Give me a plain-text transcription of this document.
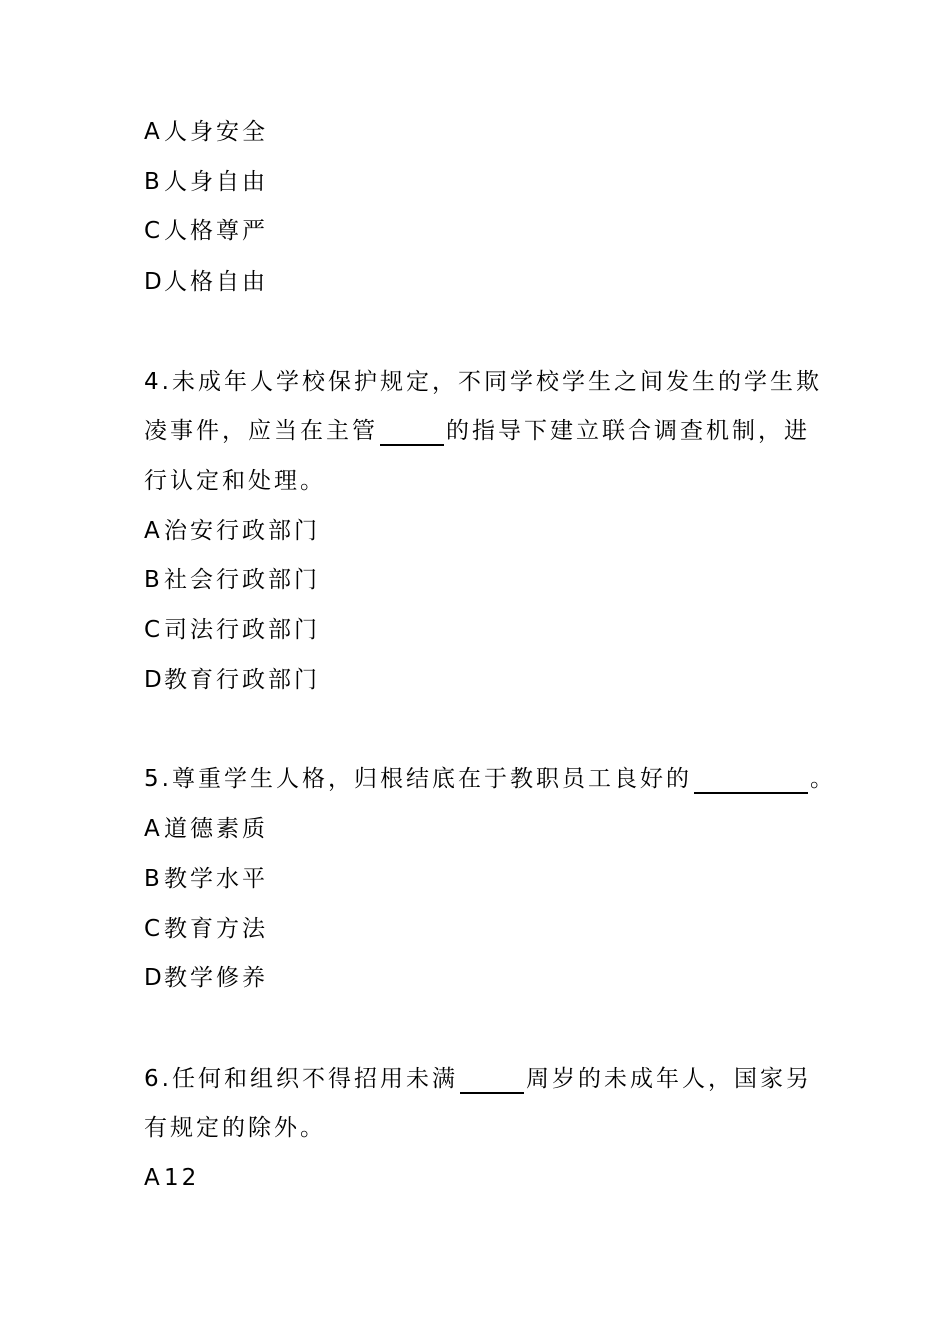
A 人身安全
B 人身自由
C 人格尊严
D人格自由
4.未成年人学校保护规定，不同学校学生之间发生的学生欺
凌事件，应当在主管	的指导下建立联合调查机制，进
行认定和处理。
A 治安行政部门
B 社会行政部门
C 司法行政部门
D教育行政部门
5.尊重学生人格，归根结底在于教职员工良好的	。
A 道德素质
B 教学水平
C 教育方法
D教学修养
6.任何和组织不得招用未满	周岁的未成年人，国家另
有规定的除外。
A 12
